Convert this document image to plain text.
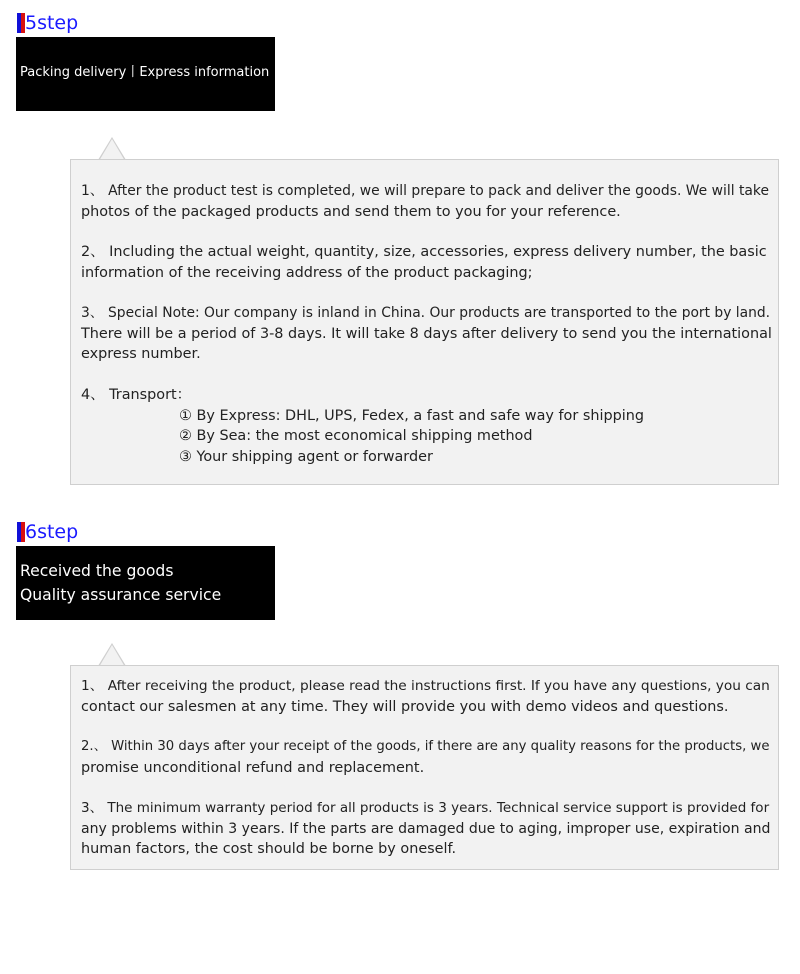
5step
Packing delivery丨Express information
1、 After the product test is completed, we will prepare to pack and deliver the goods. We will take
photos of the packaged products and send them to you for your reference.
2、 Including the actual weight, quantity, size, accessories, express delivery number, the basic
information of the receiving address of the product packaging;
3、 Special Note: Our company is inland in China. Our products are transported to the port by land.
There will be a period of 3-8 days. It will take 8 days after delivery to send you the international
express number.
4、 Transport：
① By Express: DHL, UPS, Fedex, a fast and safe way for shipping
② By Sea: the most economical shipping method
③ Your shipping agent or forwarder
6step
Received the goods
Quality assurance service
1、 After receiving the product, please read the instructions first. If you have any questions, you can
contact our salesmen at any time. They will provide you with demo videos and questions.
2.、 Within 30 days after your receipt of the goods, if there are any quality reasons for the products, we
promise unconditional refund and replacement.
3、 The minimum warranty period for all products is 3 years. Technical service support is provided for
any problems within 3 years. If the parts are damaged due to aging, improper use, expiration and
human factors, the cost should be borne by oneself.
